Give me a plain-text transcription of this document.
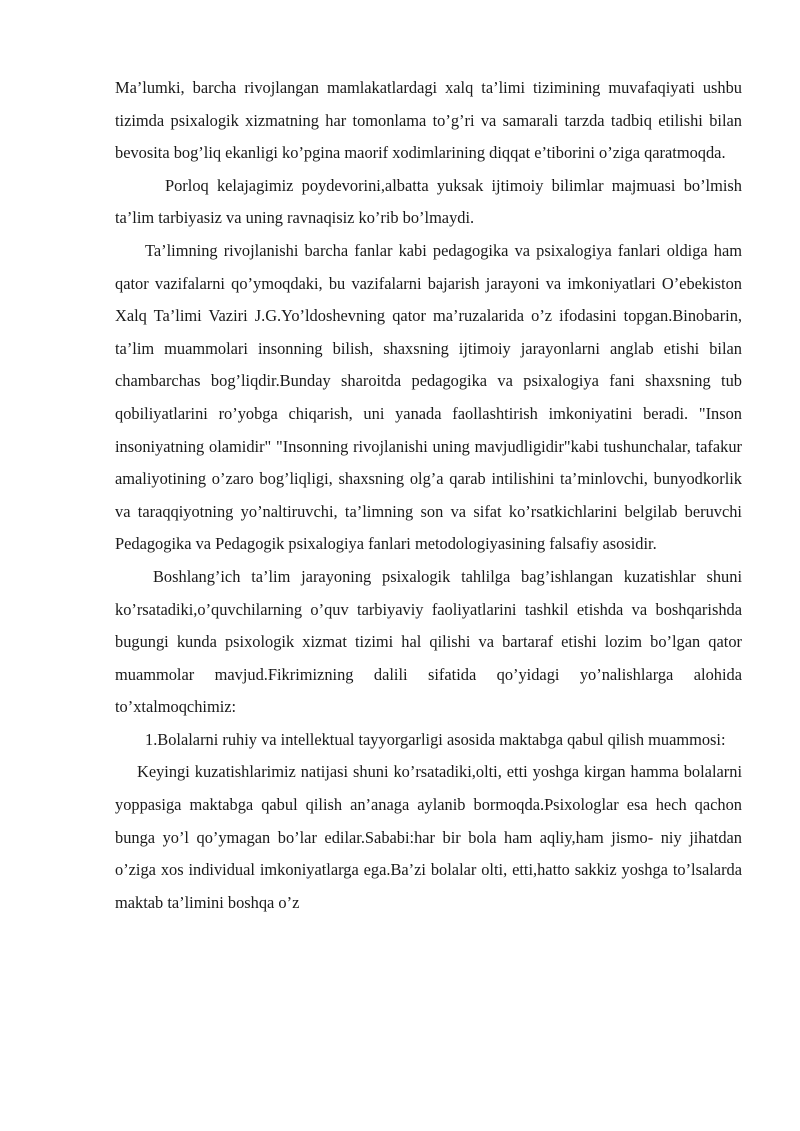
Ma’lumki, barcha rivojlangan mamlakatlardagi xalq ta’limi tizimining muvafaqiyati ushbu tizimda psixalogik xizmatning har tomonlama to’g’ri va samarali tarzda tadbiq etilishi bilan bevosita bog’liq ekanligi ko’pgina maorif xodimlarining diqqat e’tiborini o’ziga qaratmoqda.

Porloq kelajagimiz poydevorini,albatta yuksak ijtimoiy bilimlar majmuasi bo’lmish ta’lim tarbiyasiz va uning ravnaqisiz ko’rib bo’lmaydi.

Ta’limning rivojlanishi barcha fanlar kabi pedagogika va psixalogiya fanlari oldiga ham qator vazifalarni qo’ymoqdaki, bu vazifalarni bajarish jarayoni va imkoniyatlari O’ebekiston Xalq Ta’limi Vaziri J.G.Yo’ldoshevning qator ma’ruzalarida o’z ifodasini topgan.Binobarin, ta’lim muammolari insonning bilish, shaxsning ijtimoiy jarayonlarni anglab etishi bilan chambarchas bog’liqdir.Bunday sharoitda pedagogika va psixalogiya fani shaxsning tub qobiliyatlarini ro’yobga chiqarish, uni yanada faollashtirish imkoniyatini beradi. "Inson insoniyatning olamidir" "Insonning rivojlanishi uning mavjudligidir"kabi tushunchalar, tafakur amaliyotining o’zaro bog’liqligi, shaxsning olg’a qarab intilishini ta’minlovchi, bunyodkorlik va taraqqiyotning yo’naltiruvchi, ta’limning son va sifat ko’rsatkichlarini belgilab beruvchi Pedagogika va Pedagogik psixalogiya fanlari metodologiyasining falsafiy asosidir.

Boshlang’ich ta’lim jarayoning psixalogik tahlilga bag’ishlangan kuzatishlar shuni ko’rsatadiki,o’quvchilarning o’quv tarbiyaviy faoliyatlarini tashkil etishda va boshqarishda bugungi kunda psixologik xizmat tizimi hal qilishi va bartaraf etishi lozim bo’lgan qator muammolar mavjud.Fikrimizning dalili sifatida qo’yidagi yo’nalishlarga alohida to’xtalmoqchimiz:

1.Bolalarni ruhiy va intellektual tayyorgarligi asosida maktabga qabul qilish muammosi:

Keyingi kuzatishlarimiz natijasi shuni ko’rsatadiki,olti, etti yoshga kirgan hamma bolalarni yoppasiga maktabga qabul qilish an’anaga aylanib bormoqda.Psixologlar esa hech qachon bunga yo’l qo’ymagan bo’lar edilar.Sababi:har bir bola ham aqliy,ham jismo- niy jihatdan o’ziga xos individual imkoniyatlarga ega.Ba’zi bolalar olti, etti,hatto sakkiz yoshga to’lsalarda maktab ta’limini boshqa o’z
